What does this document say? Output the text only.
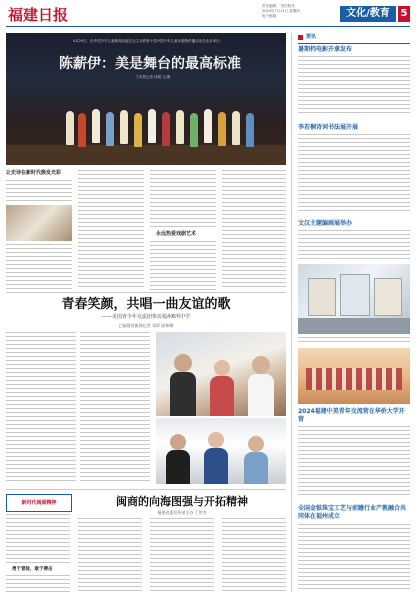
福建日报	责任编辑： 责任校对：
2024年7月11日 星期四
电子邮箱：	文化/教育	5
4月20日，由中国少年儿童新闻出版总社主办的第十届中国少年儿童出版物传播活动在北京举行。
陈薪伊：美是舞台的最高标准
□本报记者 林娟 文/图
让史诗在新时代焕发光彩
永远热爱戏剧艺术
青春笑颜，共唱一曲友谊的歌
——美国青少年交流团参访福州6所中学
□福建省新闻记者 邓珍 邱林琳
新时代闽商精神	闽商的向海图强与开拓精神
福建省委宣传部主办 丁世杰
勇于冒险，敢于搏击
要讯
暑期档电影开拿发布
李若桐诗词书法展开展
文汉主题编画展举办
2024福建中美青年交流营在华侨大学开营
全国金银珠宝工艺与前瞻行业产教融合共同体在福州成立
